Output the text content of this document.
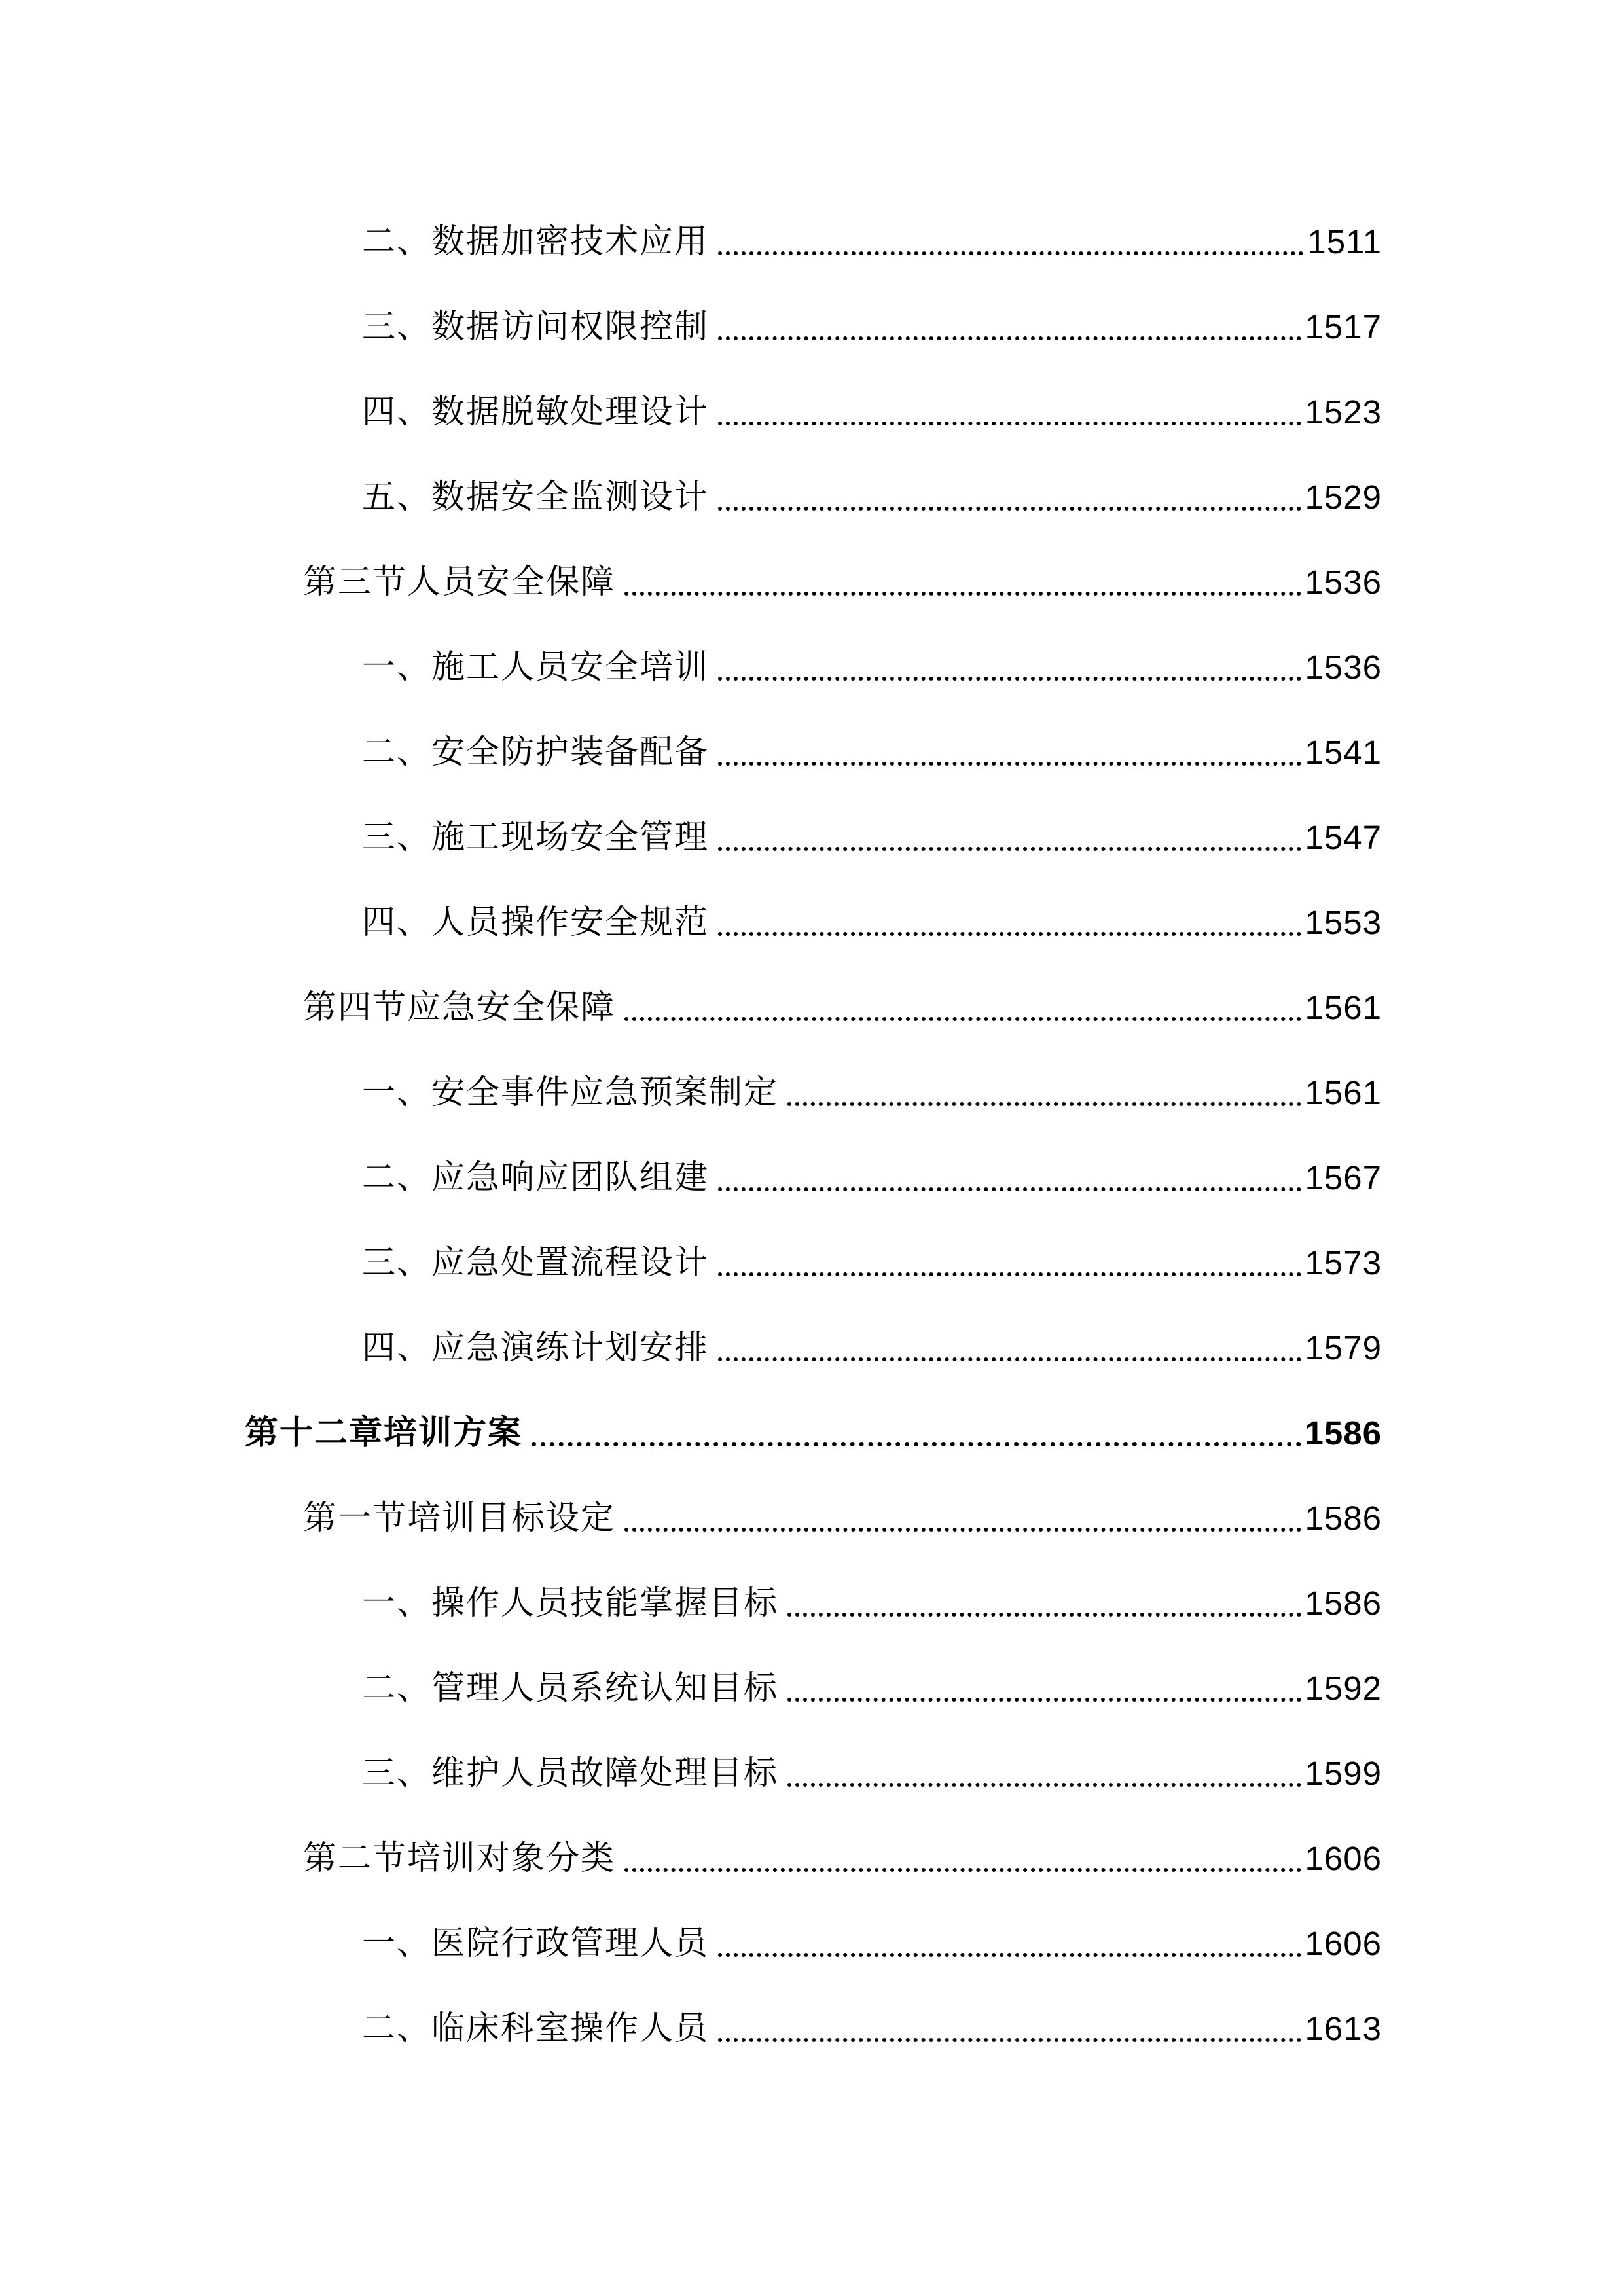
二、数据加密技术应用	1511
三、数据访问权限控制	1517
四、数据脱敏处理设计	1523
五、数据安全监测设计	1529
第三节人员安全保障	1536
一、施工人员安全培训	1536
二、安全防护装备配备	1541
三、施工现场安全管理	1547
四、人员操作安全规范	1553
第四节应急安全保障	1561
一、安全事件应急预案制定	1561
二、应急响应团队组建	1567
三、应急处置流程设计	1573
四、应急演练计划安排	1579
第十二章培训方案	1586
第一节培训目标设定	1586
一、操作人员技能掌握目标	1586
二、管理人员系统认知目标	1592
三、维护人员故障处理目标	1599
第二节培训对象分类	1606
一、医院行政管理人员	1606
二、临床科室操作人员	1613
